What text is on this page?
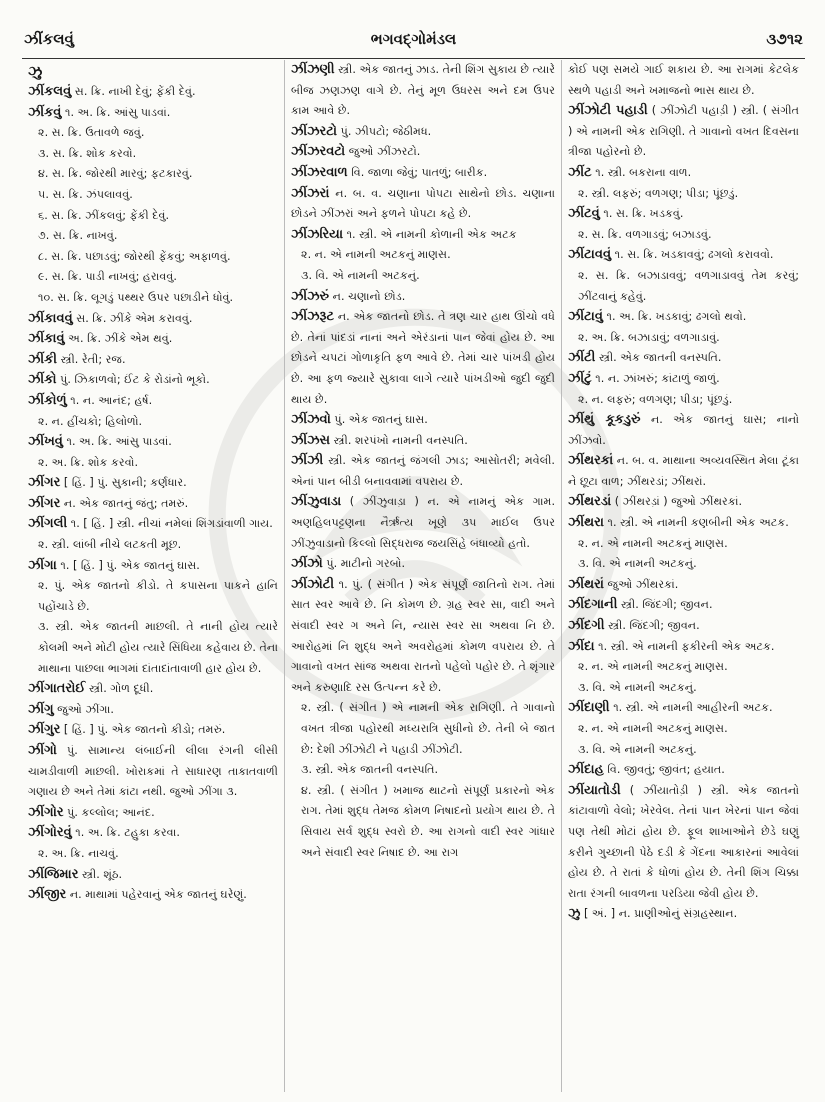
ઝીંકલવું	ભગવદ્ગોમંડલ	૩૭૧૨

ઝુ

ઝીંકલવું સ. ક્રિ. નાખી દેવું; ફેંકી દેવું.

ઝીંકવું ૧. અ. ક્રિ. આંસુ પાડવાં.

૨. સ. ક્રિ. ઉતાવળે જવું.

૩. સ. ક્રિ. શોક કરવો.

૪. સ. ક્રિ. જોરથી મારવું; ફટકારવું.

૫. સ. ક્રિ. ઝંપલાવવું.

૬. સ. ક્રિ. ઝીંકલવું; ફેંકી દેવું.

૭. સ. ક્રિ. નાખવું.

૮. સ. ક્રિ. પછાડવું; જોરથી ફેંકવું; અફાળવું.

૯. સ. ક્રિ. પાડી નાખવું; હરાવવું.

૧૦. સ. ક્રિ. લૂગડું પથ્થર ઉપર પછાડીને ધોવું.

ઝીંકાવવું સ. ક્રિ. ઝીંકે એમ કરાવવું.

ઝીંકાવું અ. ક્રિ. ઝીંકે એમ થવું.

ઝીંકી સ્ત્રી. રેતી; રજ.

ઝીંકો પું. ઝિકાળવો; ઈંટ કે રોડાંનો ભૂકો.

ઝીંકોળું ૧. ન. આનંદ; હર્ષ.

૨. ન. હીંચકો; હિલોળો.

ઝીંખવું ૧. અ. ક્રિ. આંસુ પાડવાં.

૨. અ. ક્રિ. શોક કરવો.

ઝીંગર [ હિં. ] પું. સુકાની; કર્ણધાર.

ઝીંગર ન. એક જાતનું જંતુ; તમરું.

ઝીંગલી ૧. [ હિં. ] સ્ત્રી. નીચાં નમેલાં શિંગડાંવાળી ગાય.

૨. સ્ત્રી. લાંબી નીચે લટકતી મૂછ.

ઝીંગા ૧. [ હિં. ] પું. એક જાતનું ઘાસ.

૨. પું. એક જાતનો કીડો. તે કપાસના પાકને હાનિ પહોંચાડે છે.

૩. સ્ત્રી. એક જાતની માછલી. તે નાની હોય ત્યારે કોલમી અને મોટી હોય ત્યારે સિંધિયા કહેવાય છે. તેના માથાના પાછલા ભાગમાં દાંતાદાંતાવાળી હાર હોય છે.

ઝીંગાતરોઈ સ્ત્રી. ગોળ દૂધી.

ઝીંગુ જુઓ ઝીંગા.

ઝીંગુર [ હિં. ] પું. એક જાતનો કીડો; તમરું.

ઝીંગો પું. સામાન્ય લંબાઈની લીલા રંગની લીસી ચામડીવાળી માછલી. ખોરાકમાં તે સાધારણ તાકાતવાળી ગણાય છે અને તેમાં કાંટા નથી. જુઓ ઝીંગા ૩.

ઝીંગોર પું. કલ્લોલ; આનંદ.

ઝીંગોરવું ૧. અ. ક્રિ. ટહુકા કરવા.

૨. અ. ક્રિ. નાચવું.

ઝીંજિમાર સ્ત્રી. શૂંઠ.

ઝીંજીર ન. માથામાં પહેરવાનું એક જાતનું ઘરેણું.

ઝીંઝણી સ્ત્રી. એક જાતનું ઝાડ. તેની શિંગ સુકાય છે ત્યારે બીજ ઝણઝણ વાગે છે. તેનું મૂળ ઉધરસ અને દમ ઉપર કામ આવે છે.

ઝીંઝરટો પું. ઝીપટો; જેઠીમધ.

ઝીંઝરવટો જુઓ ઝીંઝરટો.

ઝીંઝરવાળ વિ. જાળા જેવું; પાતળું; બારીક.

ઝીંઝરાં ન. બ. વ. ચણાના પોપટા સાથેનો છોડ. ચણાના છોડને ઝીંઝરાં અને ફળને પોપટા કહે છે.

ઝીંઝરિયા ૧. સ્ત્રી. એ નામની કોળાની એક અટક

૨. ન. એ નામની અટકનું માણસ.

૩. વિ. એ નામની અટકનું.

ઝીંઝરું ન. ચણાનો છોડ.

ઝીંઝરૂટ ન. એક જાતનો છોડ. તે ત્રણ ચાર હાથ ઊંચો વધે છે. તેનાં પાંદડાં નાનાં અને એરંડાનાં પાન જેવાં હોય છે. આ છોડને ચપટાં ગોળાકૃતિ ફળ આવે છે. તેમાં ચાર પાંખડી હોય છે. આ ફળ જ્યારે સુકાવા લાગે ત્યારે પાંખડીઓ જુદી જુદી થાય છે.

ઝીંઝવો પું. એક જાતનું ઘાસ.

ઝીંઝસ સ્ત્રી. શરપંખો નામની વનસ્પતિ.

ઝીંઝી સ્ત્રી. એક જાતનું જંગલી ઝાડ; આસોતરી; મવેલી. એનાં પાન બીડી બનાવવામાં વપરાય છે.

ઝીંઝુવાડા ( ઝીંઝુવાડ઼ા ) ન. એ નામનું એક ગામ. અણહિલપટ્ટણના નૈર્ઋત્ય ખૂણે ૩૫ માઈલ ઉપર ઝીંઝુવાડાનો કિલ્લો સિદ્ધરાજ જયસિંહે બંધાવ્યો હતો.

ઝીંઝો પું. માટીનો ગરબો.

ઝીંઝોટી ૧. પું. ( સંગીત ) એક સંપૂર્ણ જાતિનો રાગ. તેમાં સાત સ્વર આવે છે. નિ કોમળ છે. ગ્રહ સ્વર સા, વાદી અને સંવાદી સ્વર ગ અને નિ, ન્યાસ સ્વર સા અથવા નિ છે. આરોહમાં નિ શુદ્ધ અને અવરોહમાં કોમળ વપરાય છે. તે ગાવાનો વખત સાંજ અથવા રાતનો પહેલો પહોર છે. તે શૃંગાર અને કરુણાદિ રસ ઉત્પન્ન કરે છે.

૨. સ્ત્રી. ( સંગીત ) એ નામની એક રાગિણી. તે ગાવાનો વખત ત્રીજા પહોરથી મધ્યરાત્રિ સુધીનો છે. તેની બે જાત છે: દેશી ઝીંઝોટી ને પહાડી ઝીંઝોટી.

૩. સ્ત્રી. એક જાતની વનસ્પતિ.

૪. સ્ત્રી. ( સંગીત ) ખમાજ થાટનો સંપૂર્ણ પ્રકારનો એક રાગ. તેમાં શુદ્ધ તેમજ કોમળ નિષાદનો પ્રયોગ થાય છે. તે સિવાય સર્વ શુદ્ધ સ્વરો છે. આ રાગનો વાદી સ્વર ગાંધાર અને સંવાદી સ્વર નિષાદ છે. આ રાગ

કોઈ પણ સમયે ગાઈ શકાય છે. આ રાગમાં કેટલેક સ્થળે પહાડી અને ખમાજનો ભાસ થાય છે.

ઝીંઝોટી પહાડી ( ઝીંઝોટી પહાડ઼ી ) સ્ત્રી. ( સંગીત ) એ નામની એક રાગિણી. તે ગાવાનો વખત દિવસના ત્રીજા પહોરનો છે.

ઝીંટ ૧. સ્ત્રી. બકરાના વાળ.

૨. સ્ત્રી. લફરું; વળગણ; પીડા; પૂંછડું.

ઝીંટવું ૧. સ. ક્રિ. ખડકવું.

૨. સ. ક્રિ. વળગાડવું; બઝાડવું.

ઝીંટાવવું ૧. સ. ક્રિ. ખડકાવવું; ઢગલો કરાવવો.

૨. સ. ક્રિ. બઝાડાવવું; વળગાડાવવું તેમ કરવું; ઝીંટવાનું કહેવું.

ઝીંટાવું ૧. અ. ક્રિ. ખડકાવું; ઢગલો થવો.

૨. અ. ક્રિ. બઝાડાવું; વળગાડાવું.

ઝીંટી સ્ત્રી. એક જાતની વનસ્પતિ.

ઝીંટું ૧. ન. ઝાંખરું; કાંટાળું જાળું.

૨. ન. લફરું; વળગણ; પીડા; પૂંછડું.

ઝીંથું કૂકડુરું ન. એક જાતનું ઘાસ; નાનો ઝીંઝવો.

ઝીંથરકાં ન. બ. વ. માથાના અવ્યવસ્થિત મેલા ટૂંકા ને છૂટા વાળ; ઝીંથરડાં; ઝીંથરાં.

ઝીંથરડાં ( ઝીંથરડ઼ાં ) જુઓ ઝીંથરકાં.

ઝીંથરા ૧. સ્ત્રી. એ નામની કણબીની એક અટક.

૨. ન. એ નામની અટકનું માણસ.

૩. વિ. એ નામની અટકનું.

ઝીંથરાં જુઓ ઝીંથરકાં.

ઝીંદગાની સ્ત્રી. જિંદગી; જીવન.

ઝીંદગી સ્ત્રી. જિંદગી; જીવન.

ઝીંદા ૧. સ્ત્રી. એ નામની ફકીરની એક અટક.

૨. ન. એ નામની અટકનું માણસ.

૩. વિ. એ નામની અટકનું.

ઝીંદાણી ૧. સ્ત્રી. એ નામની આહીરની અટક.

૨. ન. એ નામની અટકનું માણસ.

૩. વિ. એ નામની અટકનું.

ઝીંદાહ વિ. જીવતું; જીવંત; હયાત.

ઝીંયાતોડી ( ઝીંયાતોડ઼ી ) સ્ત્રી. એક જાતનો કાંટાવાળો વેલો; ખેરવેલ. તેનાં પાન ખેરનાં પાન જેવાં પણ તેથી મોટાં હોય છે. ફૂલ શાખાઓને છેડે ઘણું કરીને ગુચ્છાની પેઠે દડી કે ગેંદના આકારનાં આવેલાં હોય છે. તે રાતાં કે ધોળાં હોય છે. તેની શિંગ ચિક્કા રાતા રંગની બાવળના પરડિયા જેવી હોય છે.

ઝુ [ અં. ] ન. પ્રાણીઓનું સંગ્રહસ્થાન.
